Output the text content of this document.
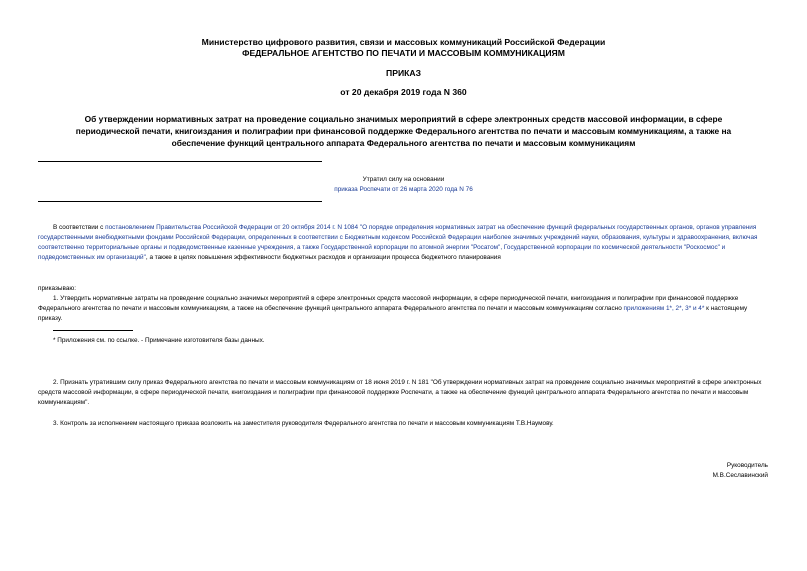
Министерство цифрового развития, связи и массовых коммуникаций Российской Федерации
ФЕДЕРАЛЬНОЕ АГЕНТСТВО ПО ПЕЧАТИ И МАССОВЫМ КОММУНИКАЦИЯМ
ПРИКАЗ
от 20 декабря 2019 года N 360
Об утверждении нормативных затрат на проведение социально значимых мероприятий в сфере электронных средств массовой информации, в сфере
периодической печати, книгоиздания и полиграфии при финансовой поддержке Федерального агентства по печати и массовым коммуникациям, а также на
обеспечение функций центрального аппарата Федерального агентства по печати и массовым коммуникациям
Утратил силу на основании
приказа Роспечати от 26 марта 2020 года N 76
В соответствии с постановлением Правительства Российской Федерации от 20 октября 2014 г. N 1084 "О порядке определения нормативных затрат на обеспечение функций федеральных государственных органов, органов управления государственными внебюджетными фондами Российской Федерации, определенных в соответствии с Бюджетным кодексом Российской Федерации наиболее значимых учреждений науки, образования, культуры и здравоохранения, включая соответственно территориальные органы и подведомственные казенные учреждения, а также Государственной корпорации по атомной энергии "Росатом", Государственной корпорации по космической деятельности "Роскосмос" и подведомственных им организаций", а также в целях повышения эффективности бюджетных расходов и организации процесса бюджетного планирования
приказываю:
1. Утвердить нормативные затраты на проведение социально значимых мероприятий в сфере электронных средств массовой информации, в сфере периодической печати, книгоиздания и полиграфии при финансовой поддержке Федерального агентства по печати и массовым коммуникациям, а также на обеспечение функций центрального аппарата Федерального агентства по печати и массовым коммуникациям согласно приложениям 1*, 2*, 3* и 4* к настоящему приказу.
* Приложения см. по ссылке. - Примечание изготовителя базы данных.
2. Признать утратившим силу приказ Федерального агентства по печати и массовым коммуникациям от 18 июня 2019 г. N 181 "Об утверждении нормативных затрат на проведение социально значимых мероприятий в сфере электронных средств массовой информации, в сфере периодической печати, книгоиздания и полиграфии при финансовой поддержке Роспечати, а также на обеспечение функций центрального аппарата Федерального агентства по печати и массовым коммуникациям".
3. Контроль за исполнением настоящего приказа возложить на заместителя руководителя Федерального агентства по печати и массовым коммуникациям Т.В.Наумову.
Руководитель
М.В.Сеславинский
